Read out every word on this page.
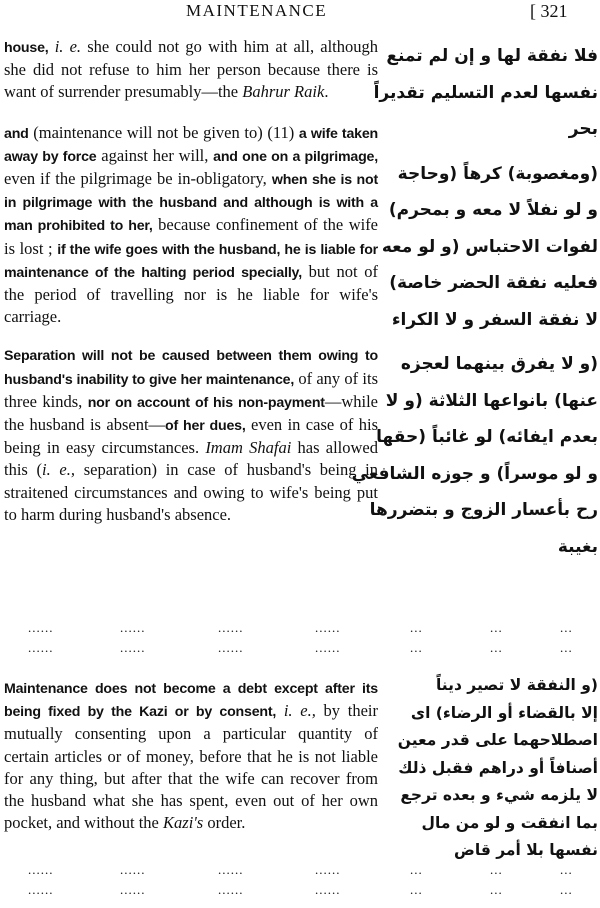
MAINTENANCE	[ 321

house, i. e. she could not go with him at all, although she did not refuse to him her person because there is want of surrender presumably—the Bahrur Raik.

and (maintenance will not be given to) (11) a wife taken away by force against her will, and one on a pilgrimage, even if the pilgrimage be in-obligatory, when she is not in pilgrimage with the husband and although is with a man prohibited to her, because confinement of the wife is lost ; if the wife goes with the husband, he is liable for maintenance of the halting period specially, but not of the period of travelling nor is he liable for wife's carriage.

Separation will not be caused between them owing to husband's inability to give her maintenance, of any of its three kinds, nor on account of his non-payment—while the husband is absent—of her dues, even in case of his being in easy circumstances. Imam Shafai has allowed this (i. e., separation) in case of husband's being in straitened circumstances and owing to wife's being put to harm during husband's absence.

Maintenance does not become a debt except after its being fixed by the Kazi or by consent, i. e., by their mutually consenting upon a particular quantity of certain articles or of money, before that he is not liable for any thing, but after that the wife can recover from the husband what she has spent, even out of her own pocket, and without the Kazi's order.

فلا نفقة لها و إن لم تمنع
نفسها لعدم التسليم تقديراً
بحر
(ومغصوبة) كرهاً (وحاجة
و لو نفلاً لا معه و بمحرم)
لفوات الاحتباس (و لو معه
فعليه نفقة الحضر خاصة)
لا نفقة السفر و لا الكراء
(و لا يفرق بينهما لعجزه
عنها) بانواعها الثلاثة (و لا
بعدم ايفائه) لو غائباً (حقها
و لو موسراً) و جوزه الشافعي
رح بأعسار الزوج و بتضررها
بغيبة
(و النفقة لا تصير ديناً
إلا بالقضاء أو الرضاء) اى
اصطلاحهما على قدر معين
أصنافاً أو دراهم فقبل ذلك
لا يلزمه شيء و بعده ترجع
بما انفقت و لو من مال
نفسها بلا أمر قاض
......	......	......	......	...	...	...
......	......	......	......	...	...	...
......	......	......	......	...	...	...
......	......	......	......	...	...	...
